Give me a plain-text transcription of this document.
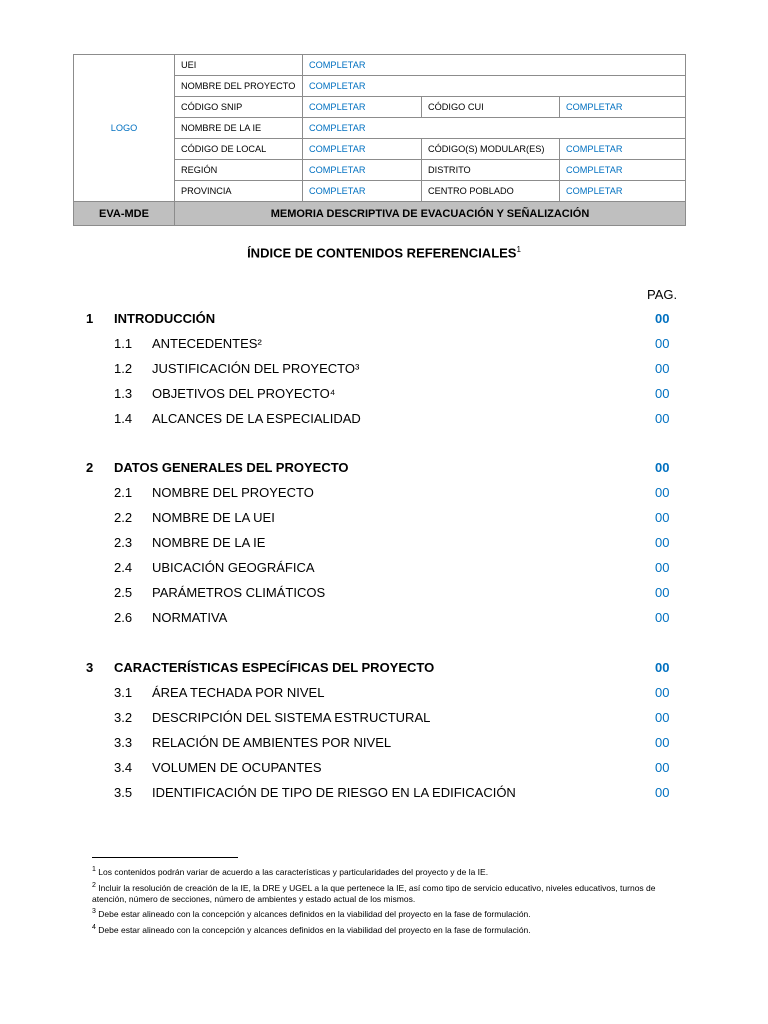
LOGO	UEI	COMPLETAR		
	NOMBRE DEL PROYECTO	COMPLETAR		
	CÓDIGO SNIP	COMPLETAR	CÓDIGO CUI	COMPLETAR
	NOMBRE DE LA IE	COMPLETAR		
	CÓDIGO DE LOCAL	COMPLETAR	CÓDIGO(S) MODULAR(ES)	COMPLETAR
	REGIÓN	COMPLETAR	DISTRITO	COMPLETAR
	PROVINCIA	COMPLETAR	CENTRO POBLADO	COMPLETAR
EVA-MDE	MEMORIA DESCRIPTIVA DE EVACUACIÓN Y SEÑALIZACIÓN			
ÍNDICE DE CONTENIDOS REFERENCIALES$^1$
PAG.
1 INTRODUCCIÓN	00
1.1 ANTECEDENTES²	00
1.2 JUSTIFICACIÓN DEL PROYECTO³	00
1.3 OBJETIVOS DEL PROYECTO⁴	00
1.4 ALCANCES DE LA ESPECIALIDAD	00
2 DATOS GENERALES DEL PROYECTO	00
2.1 NOMBRE DEL PROYECTO	00
2.2 NOMBRE DE LA UEI	00
2.3 NOMBRE DE LA IE	00
2.4 UBICACIÓN GEOGRÁFICA	00
2.5 PARÁMETROS CLIMÁTICOS	00
2.6 NORMATIVA	00
3 CARACTERÍSTICAS ESPECÍFICAS DEL PROYECTO	00
3.1 ÁREA TECHADA POR NIVEL	00
3.2 DESCRIPCIÓN DEL SISTEMA ESTRUCTURAL	00
3.3 RELACIÓN DE AMBIENTES POR NIVEL	00
3.4 VOLUMEN DE OCUPANTES	00
3.5 IDENTIFICACIÓN DE TIPO DE RIESGO EN LA EDIFICACIÓN	00
$^1$ Los contenidos podrán variar de acuerdo a las características y particularidades del proyecto y de la IE.
$^2$ Incluir la resolución de creación de la IE, la DRE y UGEL a la que pertenece la IE, así como tipo de servicio educativo, niveles educativos, turnos de atención, número de secciones, número de ambientes y estado actual de los mismos.
$^3$ Debe estar alineado con la concepción y alcances definidos en la viabilidad del proyecto en la fase de formulación.
$^4$ Debe estar alineado con la concepción y alcances definidos en la viabilidad del proyecto en la fase de formulación.
